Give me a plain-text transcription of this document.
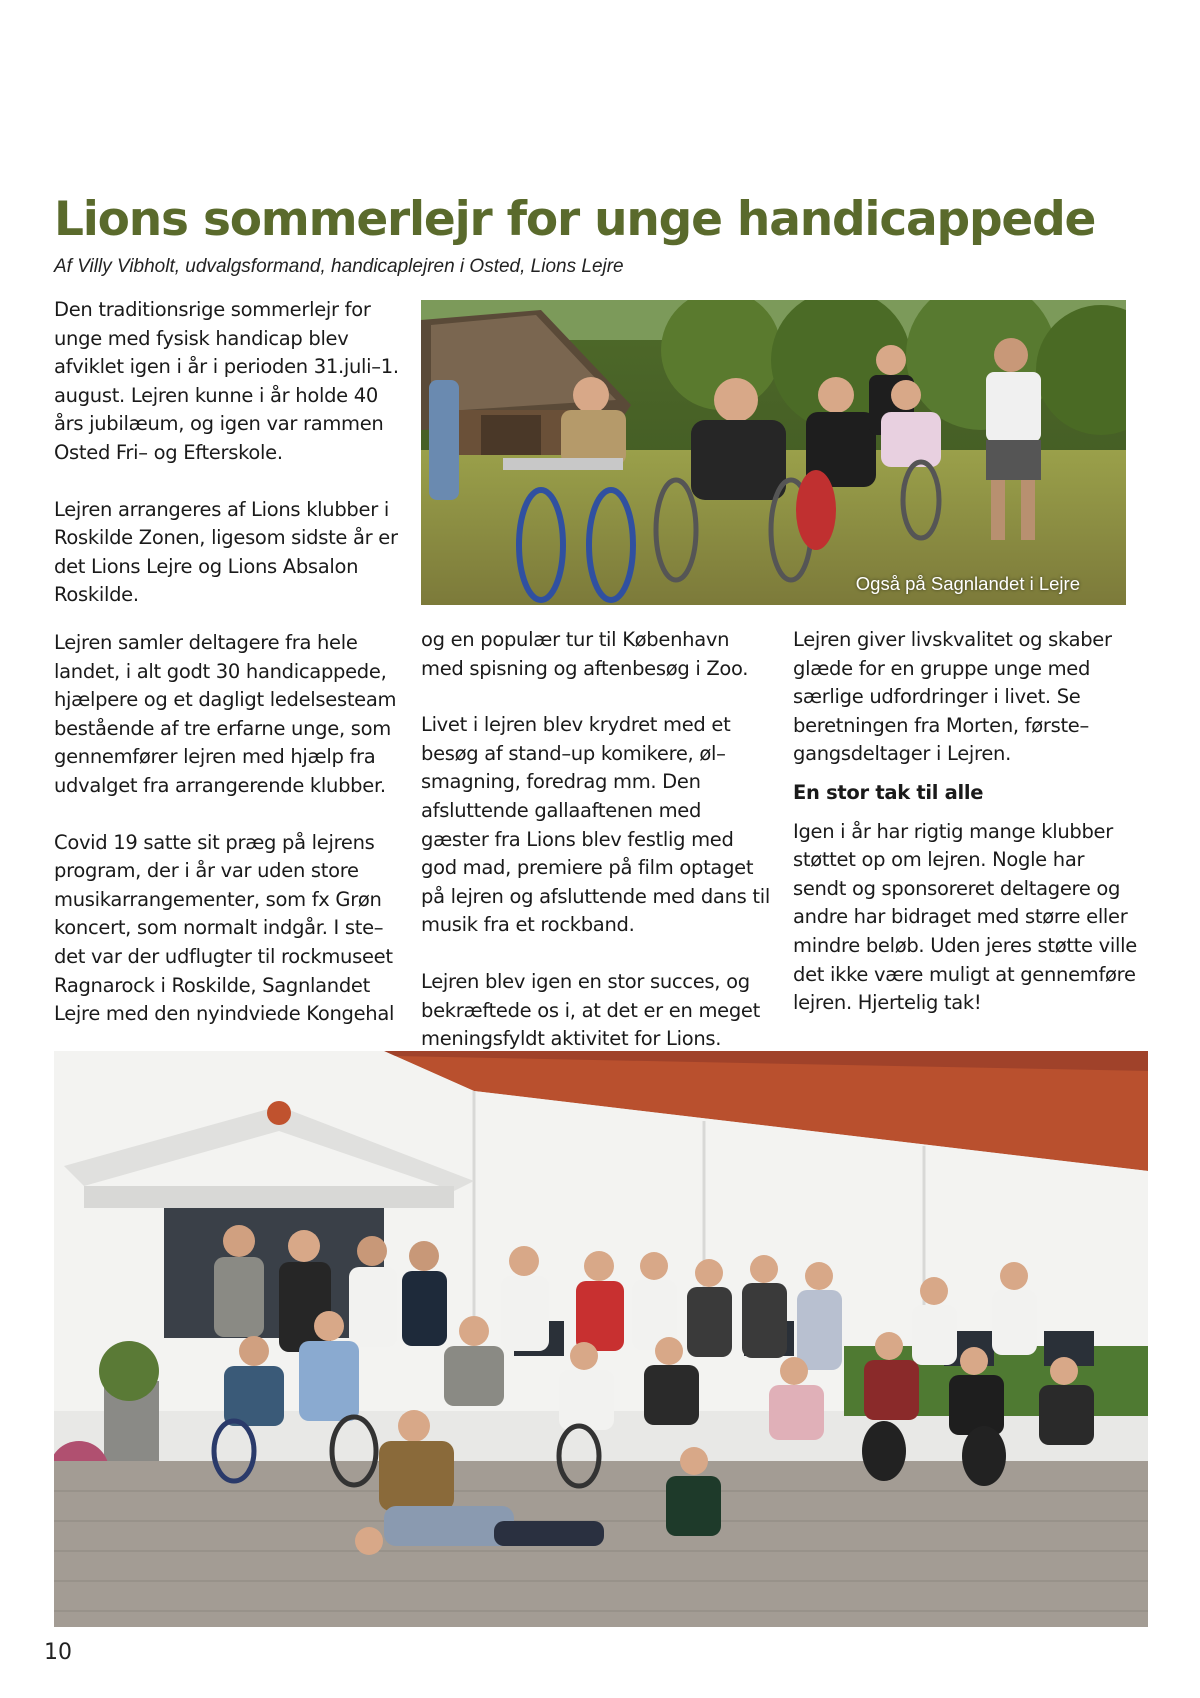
Lions sommerlejr for unge handicappede
Af Villy Vibholt, udvalgsformand, handicaplejren i Osted, Lions Lejre

Den traditionsrige sommerlejr for unge med fysisk handicap blev afviklet igen i år i perioden 31.juli–1. august. Lejren kunne i år holde 40 års jubilæum, og igen var rammen Osted Fri– og Efterskole.

Lejren arrangeres af Lions klubber i Roskilde Zonen, ligesom sidste år er det Lions Lejre og Lions Absalon Roskilde.	Også på Sagnlandet i Lejre

Lejren samler deltagere fra hele landet, i alt godt 30 handicappede, hjælpere og et dagligt ledelsesteam bestående af tre erfarne unge, som gennemfører lejren med hjælp fra udvalget fra arrangerende klubber.

Covid 19 satte sit præg på lejrens program, der i år var uden store musikarrangementer, som fx Grøn koncert, som normalt indgår. I ste–det var der udflugter til rockmuseet Ragnarock i Roskilde, Sagnlandet Lejre med den nyindviede Kongehal

og en populær tur til København med spisning og aftenbesøg i Zoo.

Livet i lejren blev krydret med et besøg af stand–up komikere, øl–smagning, foredrag mm. Den afsluttende gallaaftenen med gæster fra Lions blev festlig med god mad, premiere på film optaget på lejren og afsluttende med dans til musik fra et rockband.

Lejren blev igen en stor succes, og bekræftede os i, at det er en meget meningsfyldt aktivitet for Lions.

Lejren giver livskvalitet og skaber glæde for en gruppe unge med særlige udfordringer i livet. Se beretningen fra Morten, første–gangsdeltager i Lejren.

En stor tak til alle

Igen i år har rigtig mange klubber støttet op om lejren. Nogle har sendt og sponsoreret deltagere og andre har bidraget med større eller mindre beløb. Uden jeres støtte ville det ikke være muligt at gennemføre lejren. Hjertelig tak!

10
